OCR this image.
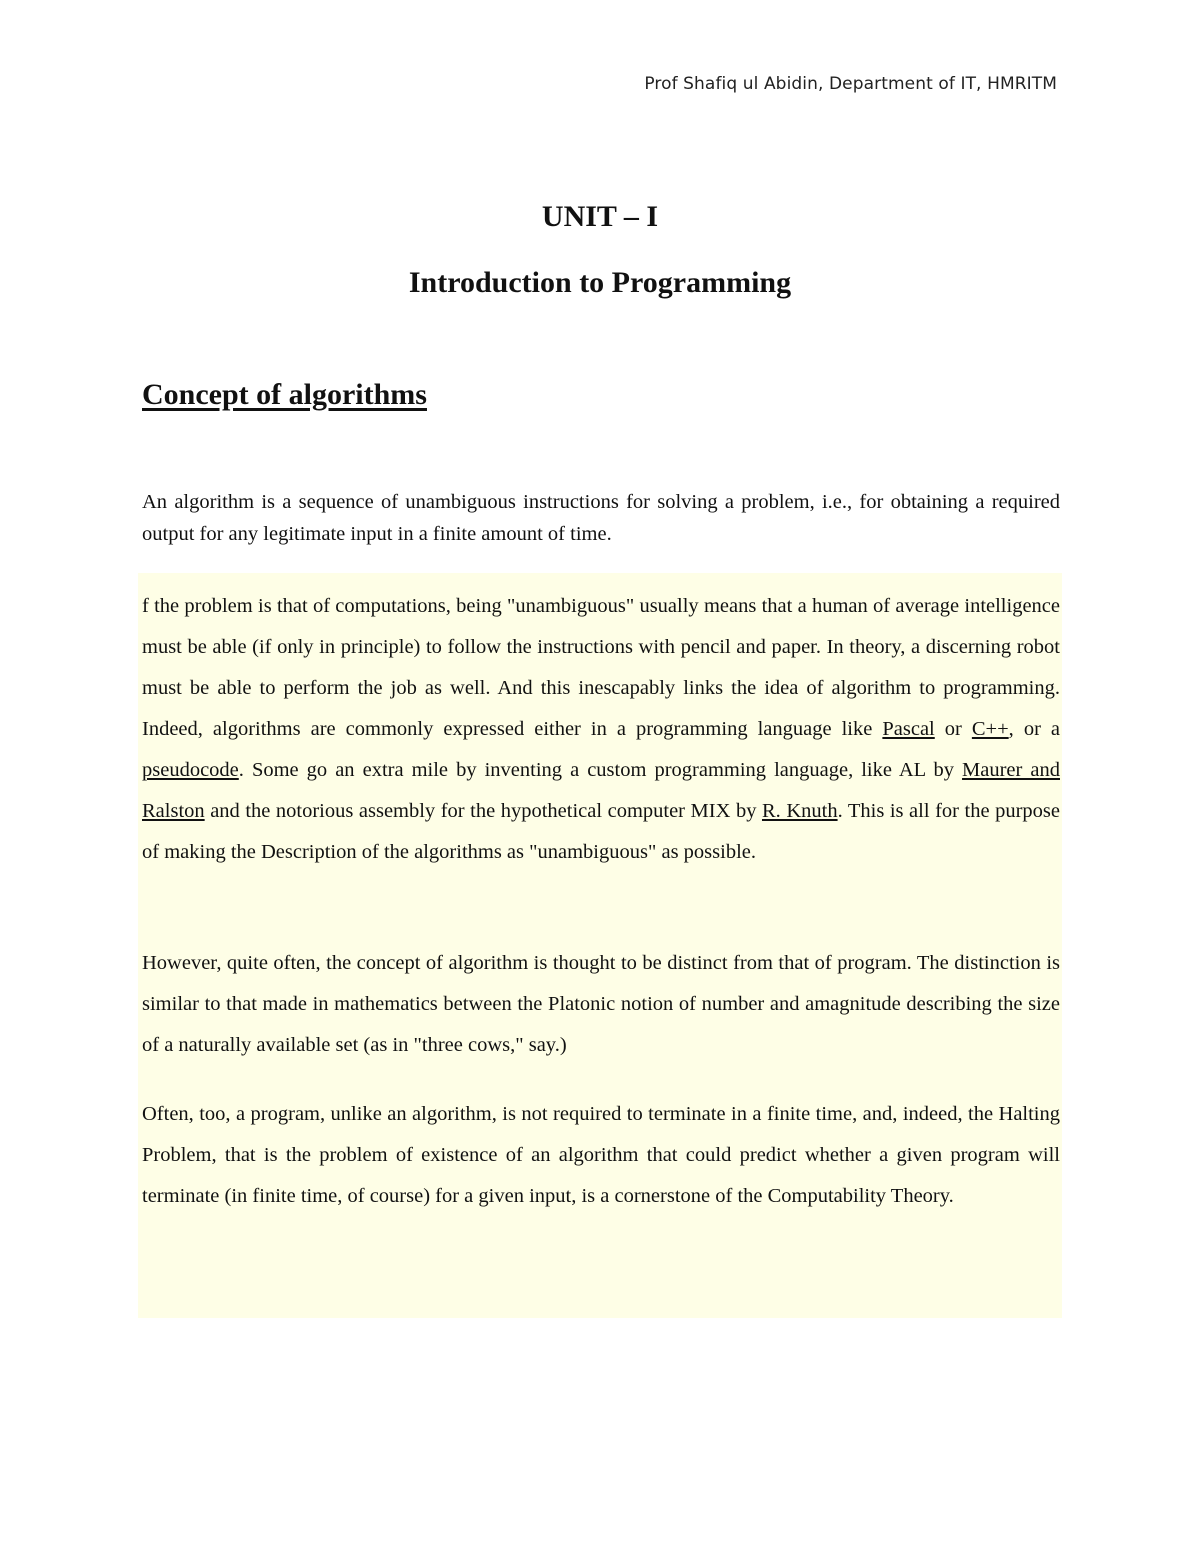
Prof Shafiq ul Abidin, Department of IT, HMRITM
UNIT – I
Introduction to Programming
Concept of algorithms

An algorithm is a sequence of unambiguous instructions for solving a problem, i.e., for obtaining a required output for any legitimate input in a finite amount of time.

f the problem is that of computations, being "unambiguous" usually means that a human of average intelligence must be able (if only in principle) to follow the instructions with pencil and paper. In theory, a discerning robot must be able to perform the job as well. And this inescapably links the idea of algorithm to programming. Indeed, algorithms are commonly expressed either in a programming language like Pascal or C++, or a pseudocode. Some go an extra mile by inventing a custom programming language, like AL by Maurer and Ralston and the notorious assembly for the hypothetical computer MIX by R. Knuth. This is all for the purpose of making the Description of the algorithms as "unambiguous" as possible.

However, quite often, the concept of algorithm is thought to be distinct from that of program. The distinction is similar to that made in mathematics between the Platonic notion of number and amagnitude describing the size of a naturally available set (as in "three cows," say.)

Often, too, a program, unlike an algorithm, is not required to terminate in a finite time, and, indeed, the Halting Problem, that is the problem of existence of an algorithm that could predict whether a given program will terminate (in finite time, of course) for a given input, is a cornerstone of the Computability Theory.
